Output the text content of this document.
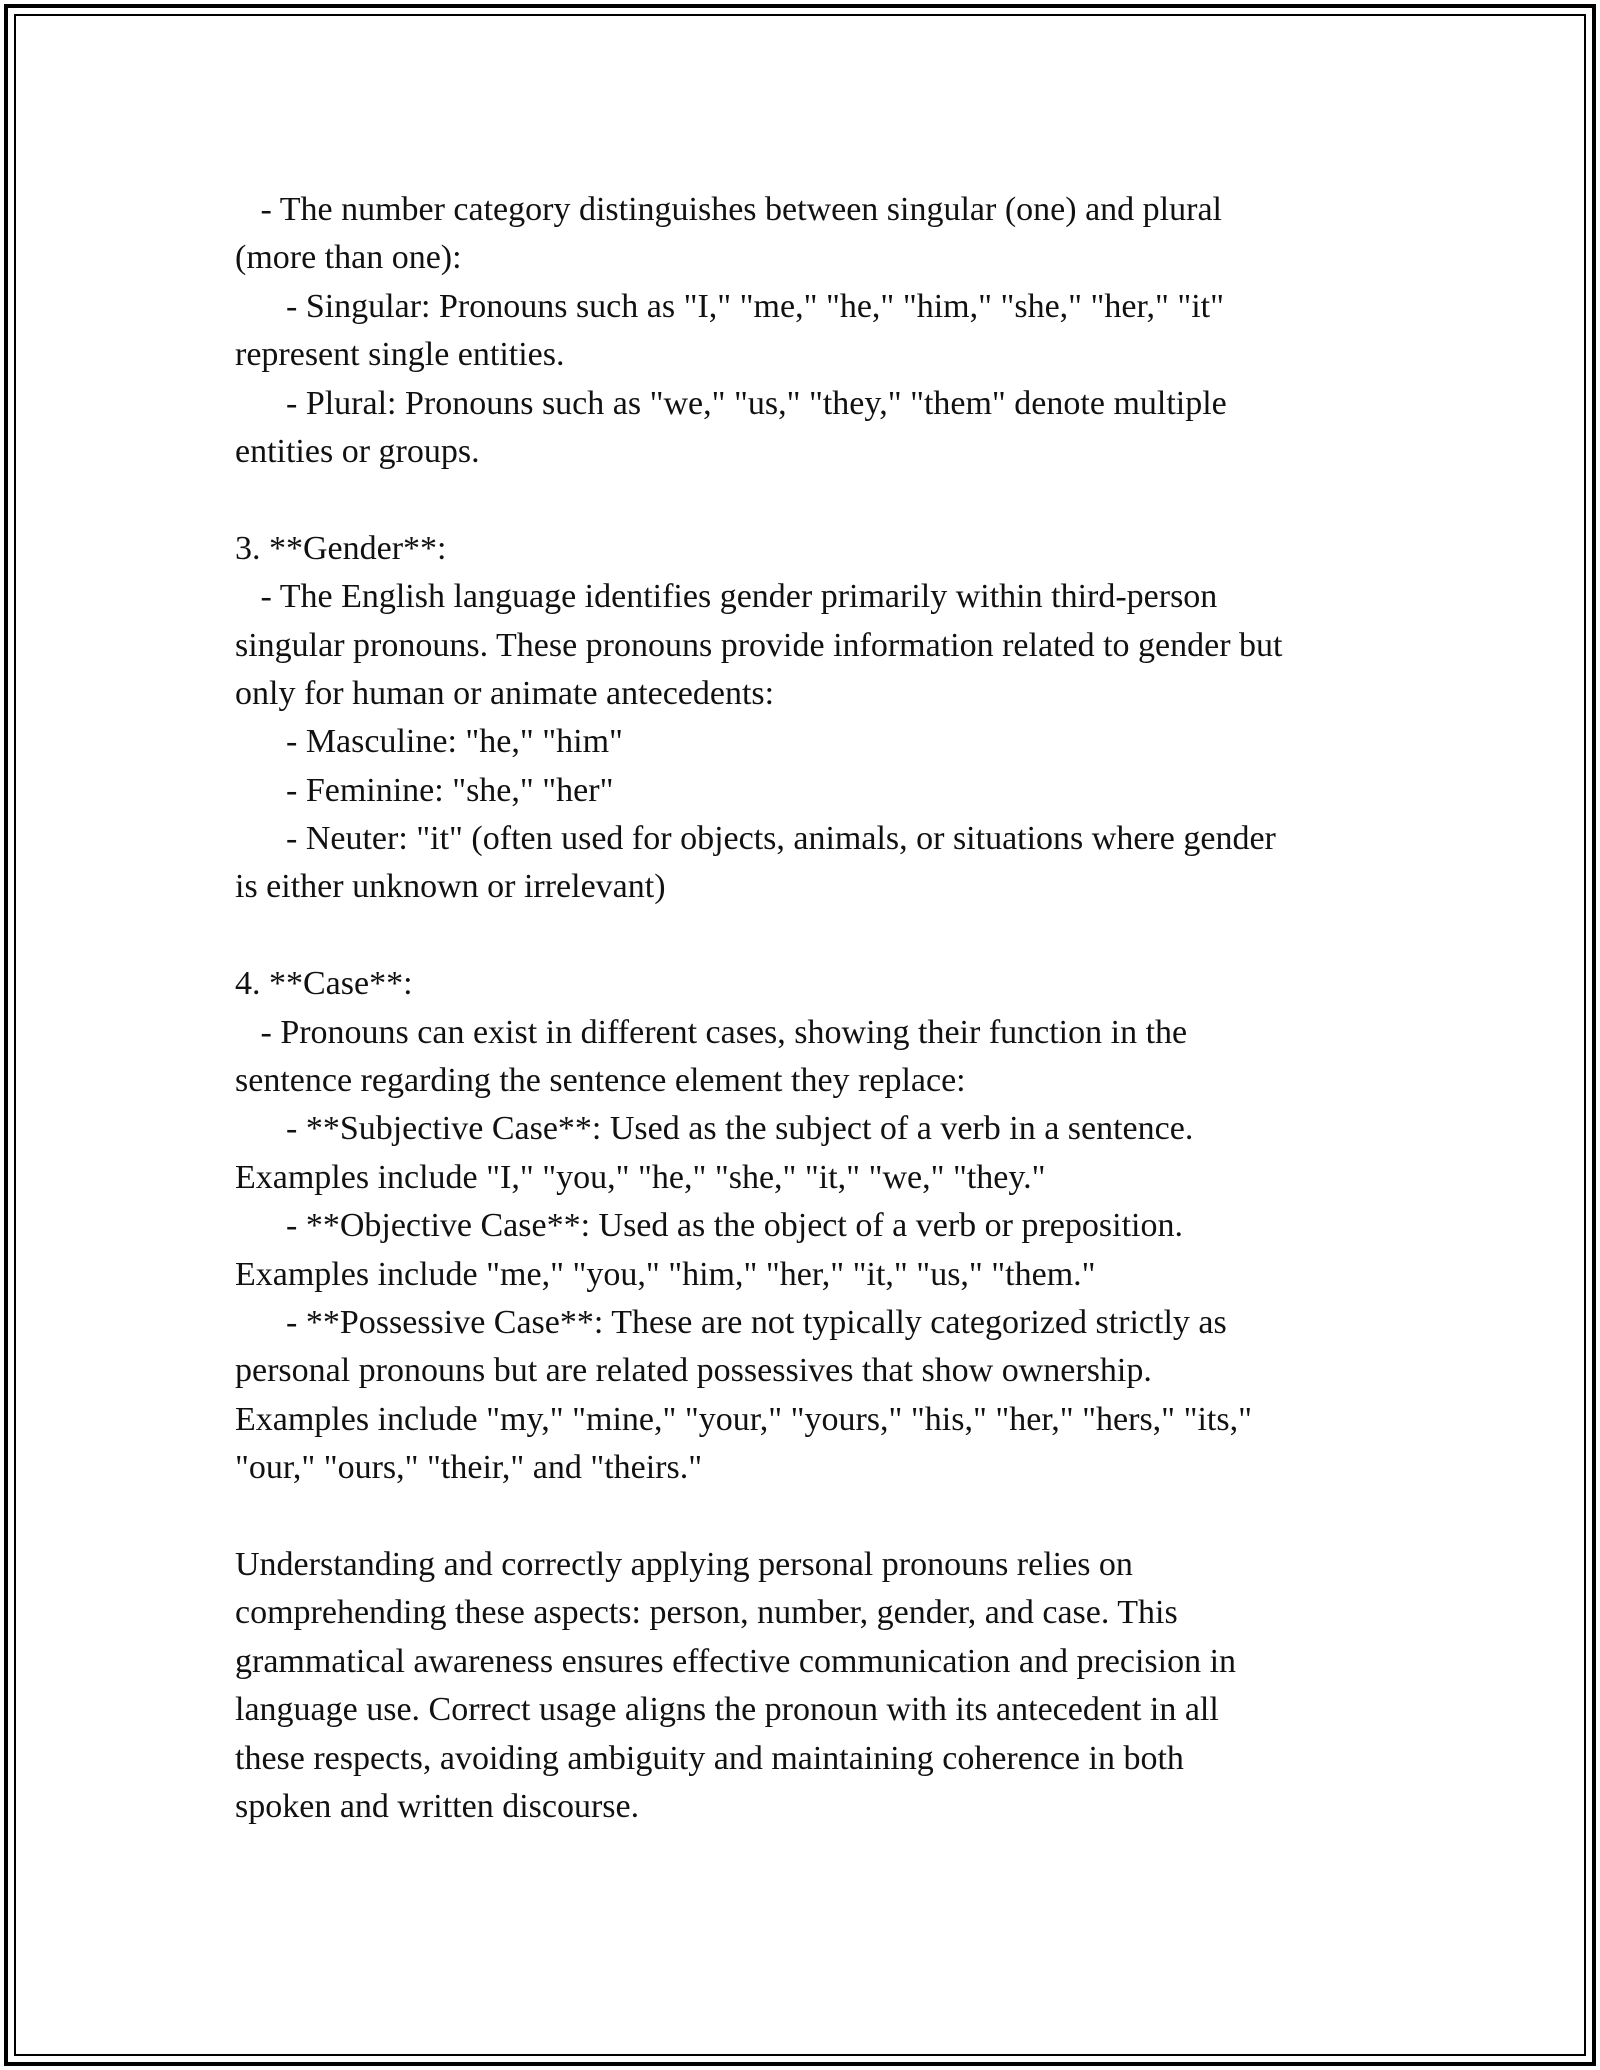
- The number category distinguishes between singular (one) and plural
(more than one):
- Singular: Pronouns such as "I," "me," "he," "him," "she," "her," "it"
represent single entities.
- Plural: Pronouns such as "we," "us," "they," "them" denote multiple
entities or groups.
3. **Gender**:
- The English language identifies gender primarily within third-person
singular pronouns. These pronouns provide information related to gender but
only for human or animate antecedents:
- Masculine: "he," "him"
- Feminine: "she," "her"
- Neuter: "it" (often used for objects, animals, or situations where gender
is either unknown or irrelevant)
4. **Case**:
- Pronouns can exist in different cases, showing their function in the
sentence regarding the sentence element they replace:
- **Subjective Case**: Used as the subject of a verb in a sentence.
Examples include "I," "you," "he," "she," "it," "we," "they."
- **Objective Case**: Used as the object of a verb or preposition.
Examples include "me," "you," "him," "her," "it," "us," "them."
- **Possessive Case**: These are not typically categorized strictly as
personal pronouns but are related possessives that show ownership.
Examples include "my," "mine," "your," "yours," "his," "her," "hers," "its,"
"our," "ours," "their," and "theirs."
Understanding and correctly applying personal pronouns relies on
comprehending these aspects: person, number, gender, and case. This
grammatical awareness ensures effective communication and precision in
language use. Correct usage aligns the pronoun with its antecedent in all
these respects, avoiding ambiguity and maintaining coherence in both
spoken and written discourse.
